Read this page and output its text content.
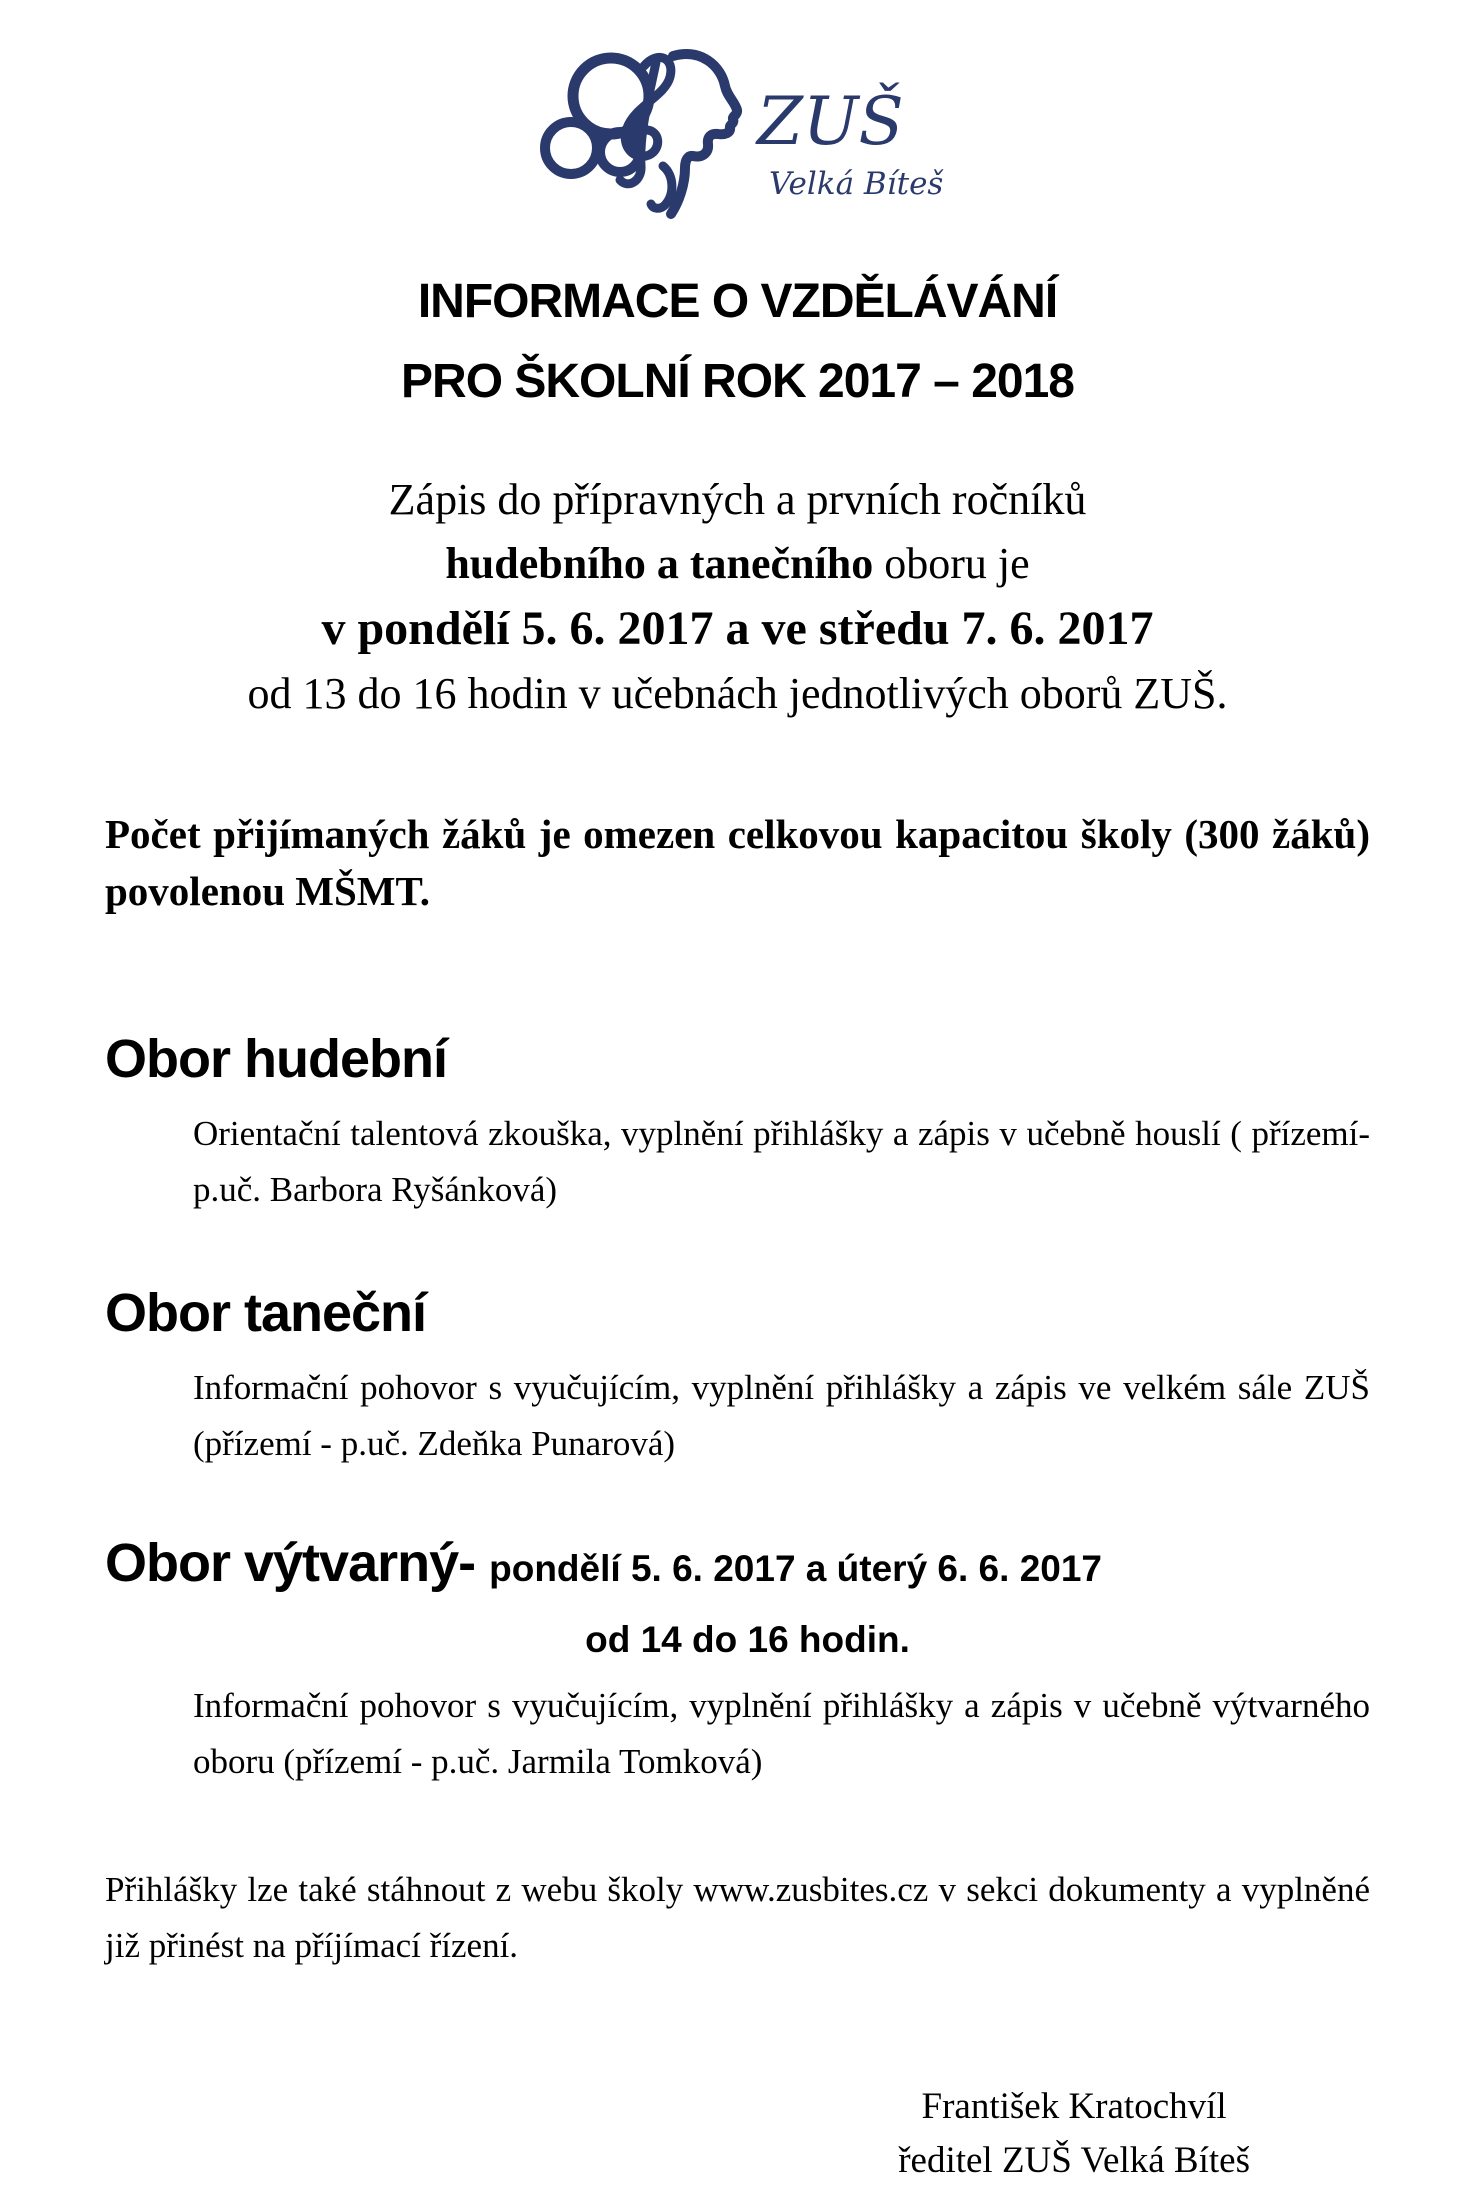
ZUŠ
Velká Bíteš
INFORMACE O VZDĚLÁVÁNÍ
PRO ŠKOLNÍ ROK 2017 – 2018
Zápis do přípravných a prvních ročníků
hudebního a tanečního oboru je
v pondělí 5. 6. 2017 a ve středu 7. 6. 2017
od 13 do 16 hodin v učebnách jednotlivých oborů ZUŠ.

Počet přijímaných žáků je omezen celkovou kapacitou školy (300 žáků) povolenou MŠMT.

Obor hudební

Orientační talentová zkouška, vyplnění přihlášky a zápis v učebně houslí ( přízemí- p.uč. Barbora Ryšánková)

Obor taneční

Informační pohovor s vyučujícím, vyplnění přihlášky a zápis ve velkém sále ZUŠ (přízemí - p.uč. Zdeňka Punarová)

Obor výtvarný- pondělí 5. 6. 2017 a úterý 6. 6. 2017
od 14 do 16 hodin.

Informační pohovor s vyučujícím, vyplnění přihlášky a zápis v učebně výtvarného oboru (přízemí - p.uč. Jarmila Tomková)

Přihlášky lze také stáhnout z webu školy www.zusbites.cz v sekci dokumenty a vyplněné již přinést na příjímací řízení.

František Kratochvíl
ředitel ZUŠ Velká Bíteš
